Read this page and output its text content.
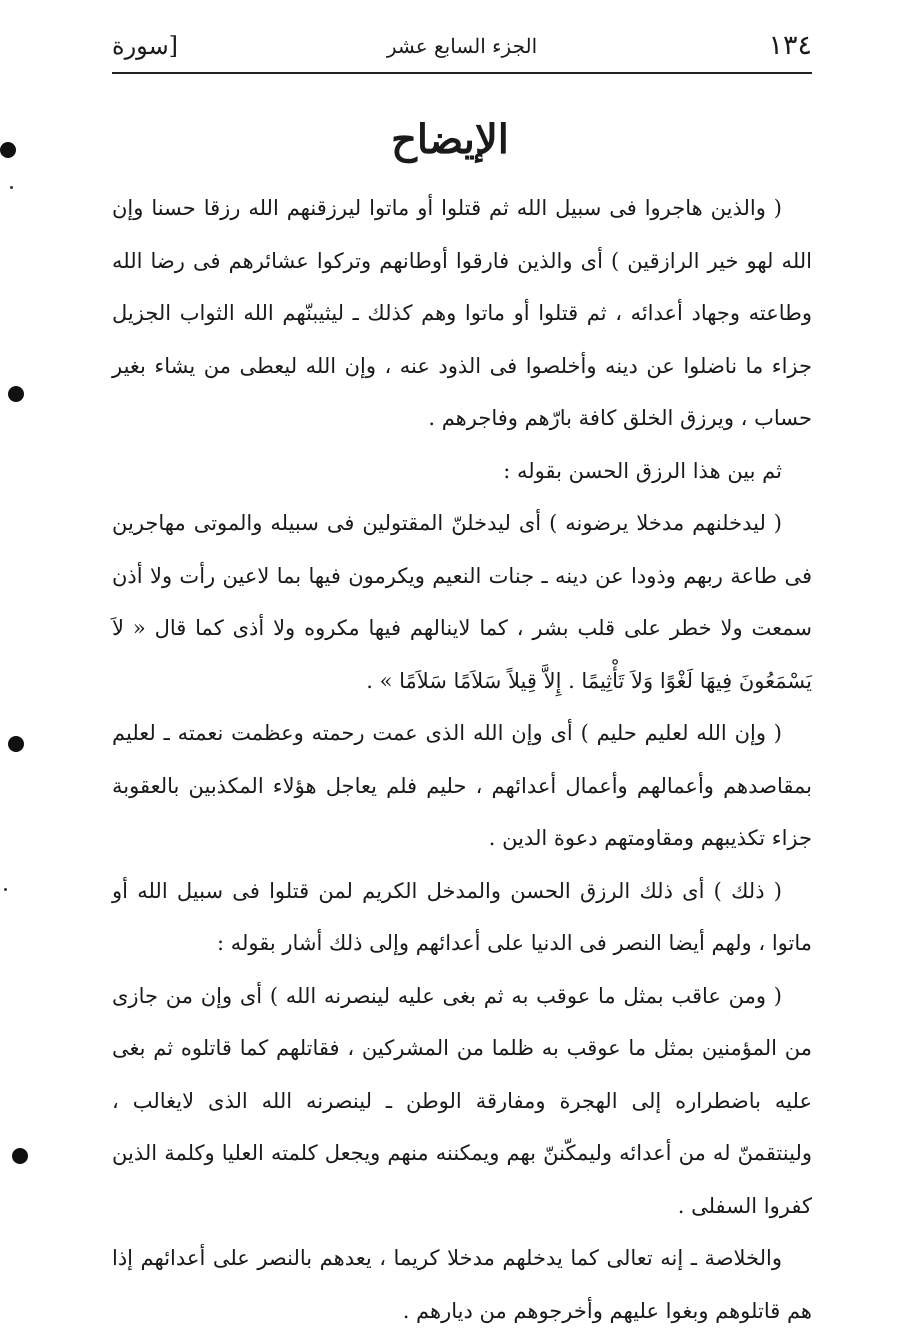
١٣٤
الجزء السابع عشر
[سورة
الإيضاح

( والذين هاجروا فى سبيل الله ثم قتلوا أو ماتوا ليرزقنهم الله رزقا حسنا وإن الله لهو خير الرازقين ) أى والذين فارقوا أوطانهم وتركوا عشائرهم فى رضا الله وطاعته وجهاد أعدائه ، ثم قتلوا أو ماتوا وهم كذلك ـ ليثيبنّهم الله الثواب الجزيل جزاء ما ناضلوا عن دينه وأخلصوا فى الذود عنه ، وإن الله ليعطى من يشاء بغير حساب ، ويرزق الخلق كافة بارّهم وفاجرهم .

ثم بين هذا الرزق الحسن بقوله :

( ليدخلنهم مدخلا يرضونه ) أى ليدخلنّ المقتولين فى سبيله والموتى مهاجرين فى طاعة ربهم وذودا عن دينه ـ جنات النعيم ويكرمون فيها بما لاعين رأت ولا أذن سمعت ولا خطر على قلب بشر ، كما لاينالهم فيها مكروه ولا أذى كما قال « لاَ يَسْمَعُونَ فِيهَا لَغْوًا وَلاَ تَأْثِيمًا . إِلاَّ قِيلاً سَلاَمًا سَلاَمًا » .

( وإن الله لعليم حليم ) أى وإن الله الذى عمت رحمته وعظمت نعمته ـ لعليم بمقاصدهم وأعمالهم وأعمال أعدائهم ، حليم فلم يعاجل هؤلاء المكذبين بالعقوبة جزاء تكذيبهم ومقاومتهم دعوة الدين .

( ذلك ) أى ذلك الرزق الحسن والمدخل الكريم لمن قتلوا فى سبيل الله أو ماتوا ، ولهم أيضا النصر فى الدنيا على أعدائهم وإلى ذلك أشار بقوله :

( ومن عاقب بمثل ما عوقب به ثم بغى عليه لينصرنه الله ) أى وإن من جازى من المؤمنين بمثل ما عوقب به ظلما من المشركين ، فقاتلهم كما قاتلوه ثم بغى عليه باضطراره إلى الهجرة ومفارقة الوطن ـ لينصرنه الله الذى لايغالب ، ولينتقمنّ له من أعدائه وليمكّننّ بهم ويمكننه منهم ويجعل كلمته العليا وكلمة الذين كفروا السفلى .

والخلاصة ـ إنه تعالى كما يدخلهم مدخلا كريما ، يعدهم بالنصر على أعدائهم إذا هم قاتلوهم وبغوا عليهم وأخرجوهم من ديارهم .
